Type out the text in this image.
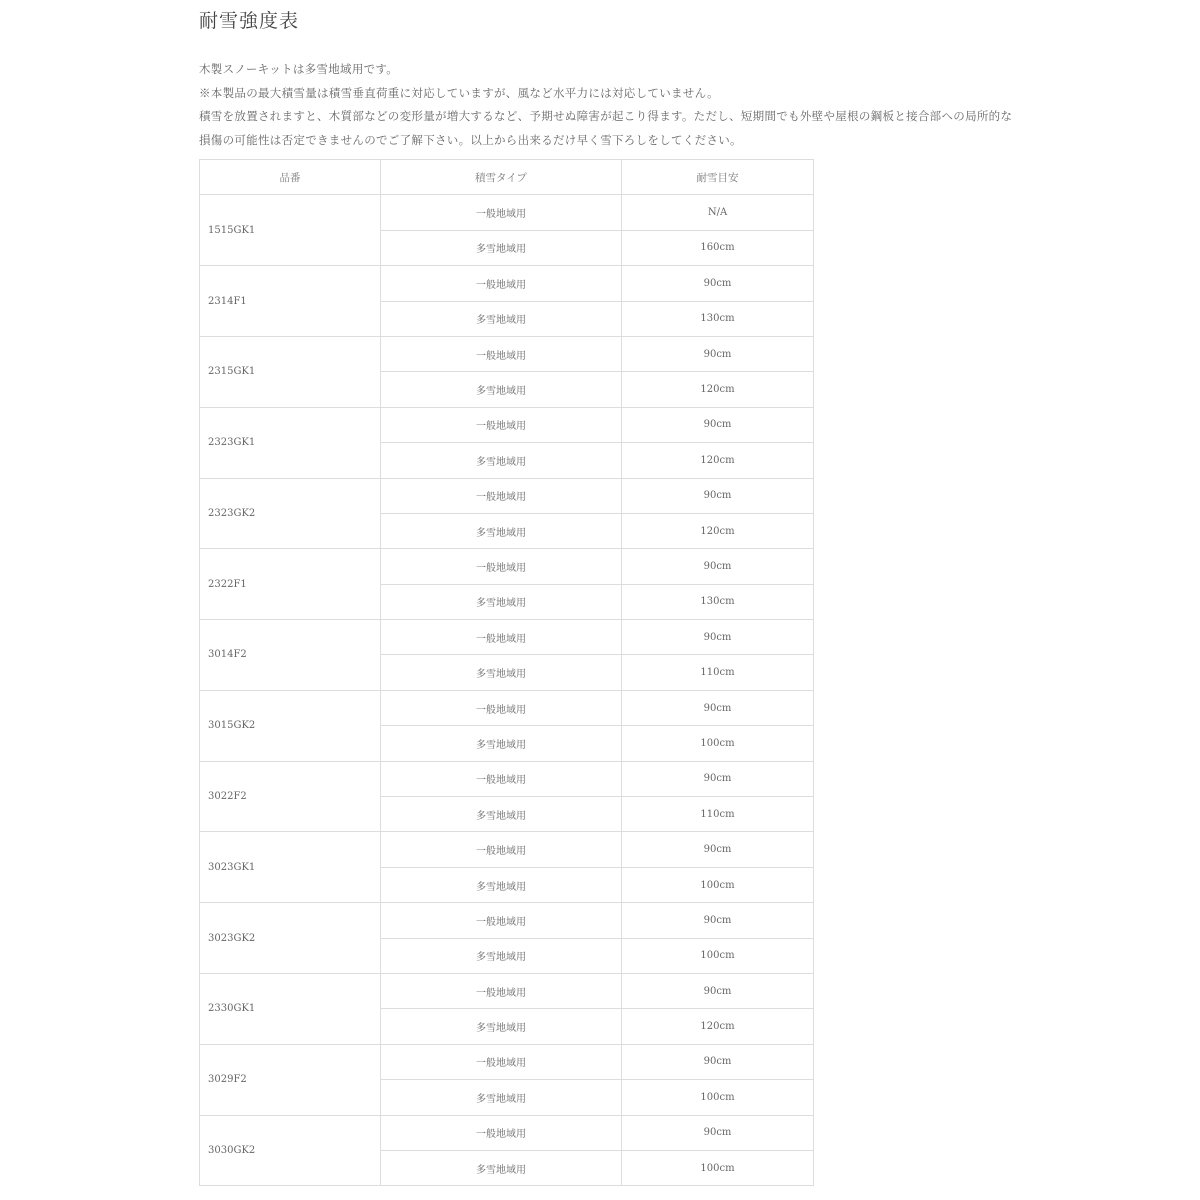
耐雪強度表
木製スノーキットは多雪地域用です。
※本製品の最大積雪量は積雪垂直荷重に対応していますが、風など水平力には対応していません。
積雪を放置されますと、木質部などの変形量が増大するなど、予期せぬ障害が起こり得ます。ただし、短期間でも外壁や屋根の鋼板と接合部への局所的な
損傷の可能性は否定できませんのでご了解下さい。以上から出来るだけ早く雪下ろしをしてください。
品番	積雪タイプ	耐雪目安
1515GK1	一般地域用	N/A
	多雪地域用	160cm
2314F1	一般地域用	90cm
	多雪地域用	130cm
2315GK1	一般地域用	90cm
	多雪地域用	120cm
2323GK1	一般地域用	90cm
	多雪地域用	120cm
2323GK2	一般地域用	90cm
	多雪地域用	120cm
2322F1	一般地域用	90cm
	多雪地域用	130cm
3014F2	一般地域用	90cm
	多雪地域用	110cm
3015GK2	一般地域用	90cm
	多雪地域用	100cm
3022F2	一般地域用	90cm
	多雪地域用	110cm
3023GK1	一般地域用	90cm
	多雪地域用	100cm
3023GK2	一般地域用	90cm
	多雪地域用	100cm
2330GK1	一般地域用	90cm
	多雪地域用	120cm
3029F2	一般地域用	90cm
	多雪地域用	100cm
3030GK2	一般地域用	90cm
	多雪地域用	100cm
